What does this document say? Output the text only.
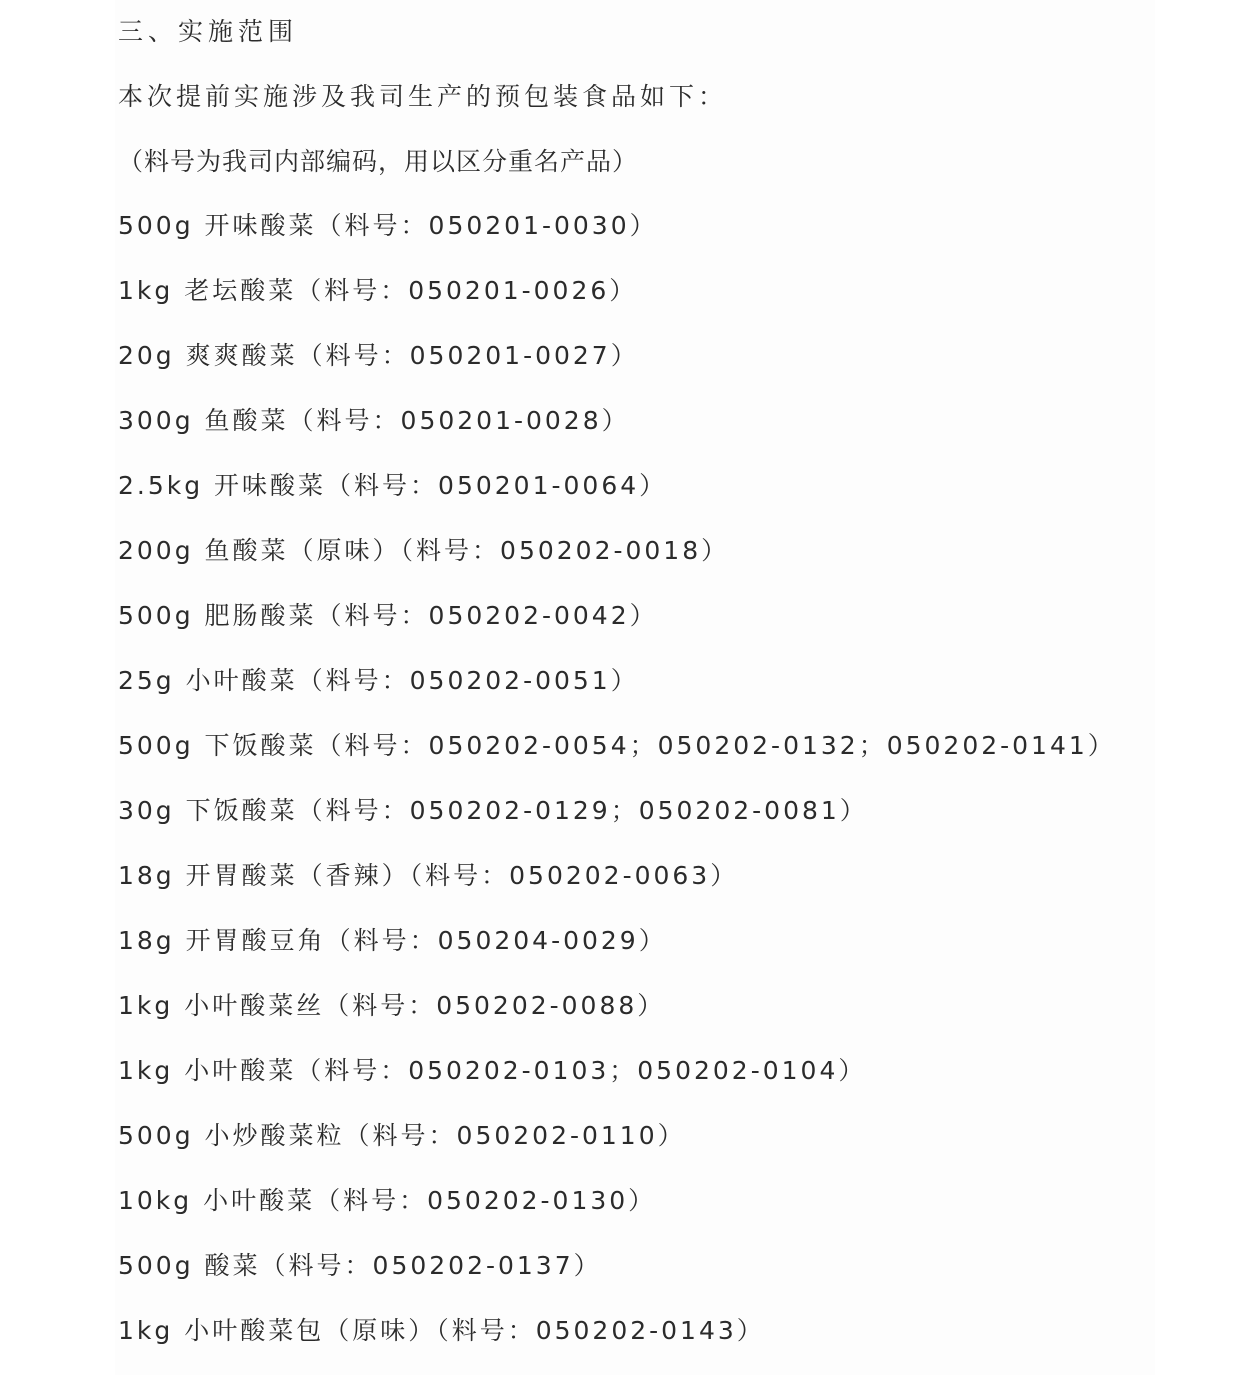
三、实施范围
本次提前实施涉及我司生产的预包装食品如下：
（料号为我司内部编码，用以区分重名产品）
500g 开味酸菜（料号：050201-0030）
1kg 老坛酸菜（料号：050201-0026）
20g 爽爽酸菜（料号：050201-0027）
300g 鱼酸菜（料号：050201-0028）
2.5kg 开味酸菜（料号：050201-0064）
200g 鱼酸菜（原味）（料号：050202-0018）
500g 肥肠酸菜（料号：050202-0042）
25g 小叶酸菜（料号：050202-0051）
500g 下饭酸菜（料号：050202-0054；050202-0132；050202-0141）
30g 下饭酸菜（料号：050202-0129；050202-0081）
18g 开胃酸菜（香辣）（料号：050202-0063）
18g 开胃酸豆角（料号：050204-0029）
1kg 小叶酸菜丝（料号：050202-0088）
1kg 小叶酸菜（料号：050202-0103；050202-0104）
500g 小炒酸菜粒（料号：050202-0110）
10kg 小叶酸菜（料号：050202-0130）
500g 酸菜（料号：050202-0137）
1kg 小叶酸菜包（原味）（料号：050202-0143）
